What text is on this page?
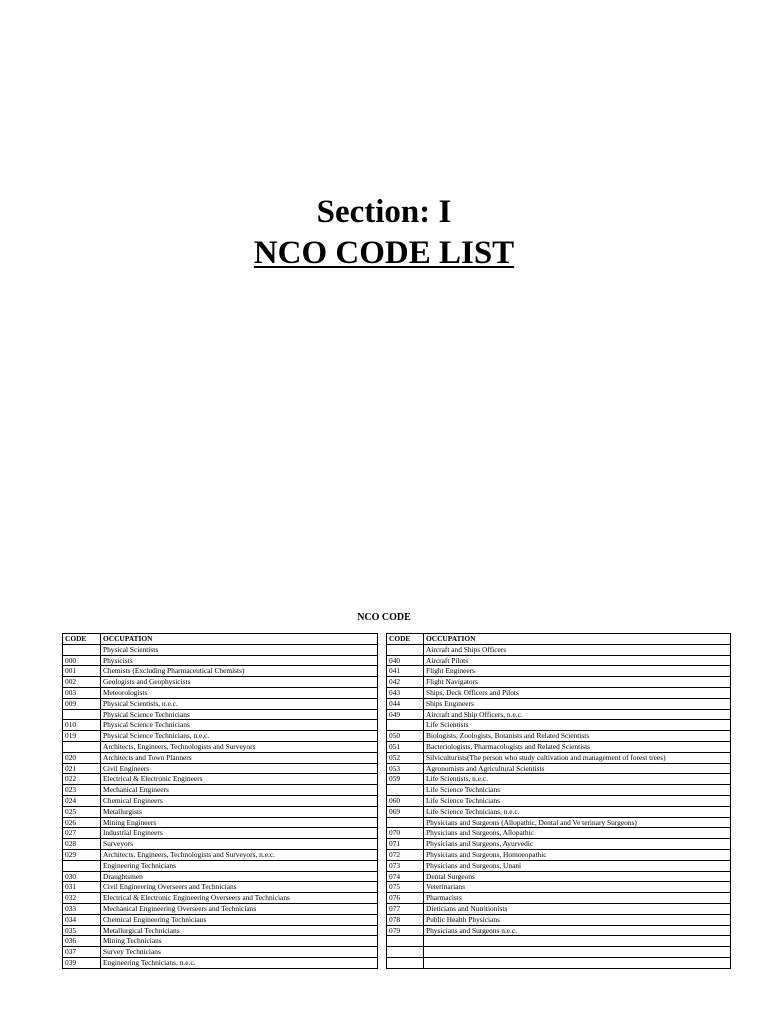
Section: I
NCO CODE LIST
NCO CODE
CODE	OCCUPATION
	Physical Scientists
000	Physicists
001	Chemists (Excluding Pharmaceutical Chemists)
002	Geologists and Geophysicists
003	Meteorologists
009	Physical Scientists, n.e.c.
	Physical Science Technicians
010	Physical Science Technicians
019	Physical Science Technicians, n.e.c.
	Architects, Engineers, Technologists and Surveyors
020	Architects and Town Planners
021	Civil Engineers
022	Electrical & Electronic Engineers
023	Mechanical Engineers
024	Chemical Engineers
025	Metallurgists
026	Mining Engineers
027	Industrial Engineers
028	Surveyors
029	Architects, Engineers, Technologists and Surveyors, n.e.c.
	Engineering Technicians
030	Draughtsmen
031	Civil Engineering Overseers and Technicians
032	Electrical & Electronic Engineering Overseers and Technicians
033	Mechanical Engineering Overseers and Technicians
034	Chemical Engineering Technicians
035	Metallurgical Technicians
036	Mining Technicians
037	Survey Technicians
039	Engineering Technicians, n.e.c.
CODE	OCCUPATION
	Aircraft and Ships Officers
040	Aircraft Pilots
041	Flight Engineers
042	Flight Navigators
043	Ships, Deck Officers and Pilots
044	Ships Engineers
049	Aircraft and Ship Officers, n.e.c.
	Life Scientists
050	Biologists, Zoologists, Botanists and Related Scientists
051	Bacteriologists, Pharmacologists and Related Scientists
052	Silviculturists(The person who study cultivation and management of forest trees)
053	Agronomists and Agricultural Scientists
059	Life Scientists, n.e.c.
	Life Science Technicians
060	Life Science Technicians
069	Life Science Technicians, n.e.c.
	Physicians and Surgeons (Allopathic, Dental and Ve terinary Surgeons)
070	Physicians and Surgeons, Allopathic
071	Physicians and Surgeons, Ayurvedic
072	Physicians and Surgeons, Homoeopathic
073	Physicians and Surgeons, Unani
074	Dental Surgeons
075	Veterinarians
076	Pharmacists
077	Dieticians and Nutritionists
078	Public Health Physicians
079	Physicians and Surgeons n.e.c.
